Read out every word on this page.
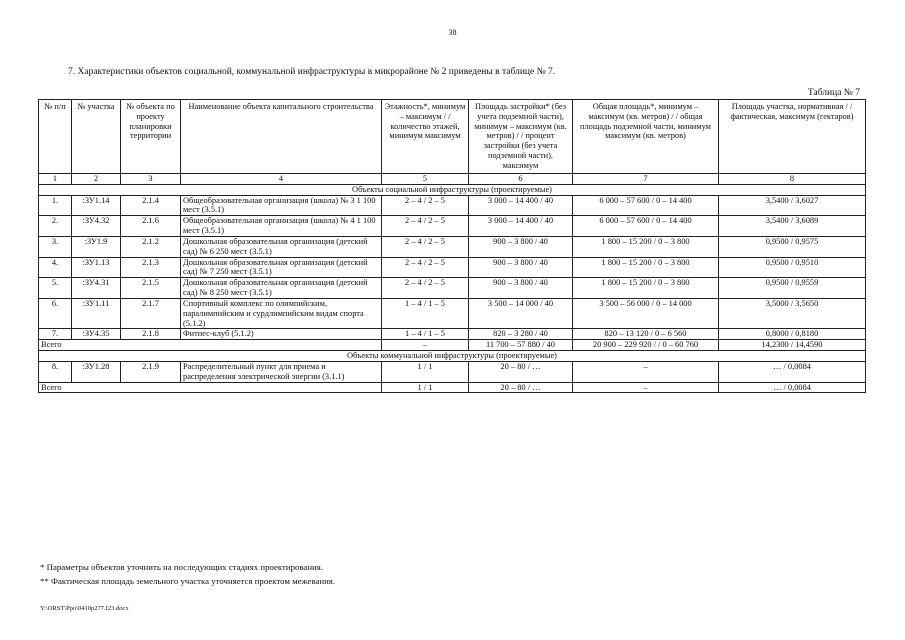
38
7. Характеристики объектов социальной, коммунальной инфраструктуры в микрорайоне № 2 приведены в таблице № 7.
Таблица № 7
№ п/п	№ участка	№ объекта по проекту планировки территории	Наименование объекта капитального строительства	Этажность*, минимум – максимум / / количество этажей, минимум максимум	Площадь застройки* (без учета подземной части), минимум – максимум (кв. метров) / / процент застройки (без учета подземной части), максимум	Общая площадь*, минимум – максимум (кв. метров) / / общая площадь подземной части, минимум максимум (кв. метров)	Площадь участка, нормативная / / фактическая, максимум (гектаров)
1	2	3	4	5	6	7	8
Объекты социальной инфраструктуры (проектируемые)							
1.	:ЗУ1.14	2.1.4	Общеобразовательная организация (школа) № 3 1 100 мест (3.5.1)	2 – 4 / 2 – 5	3 000 – 14 400 / 40	6 000 – 57 600 / 0 – 14 400	3,5400 / 3,6027
2.	:ЗУ4.32	2.1.6	Общеобразовательная организация (школа) № 4 1 100 мест (3.5.1)	2 – 4 / 2 – 5	3 000 – 14 400 / 40	6 000 – 57 600 / 0 – 14 400	3,5400 / 3,6089
3.	:ЗУ1.9	2.1.2	Дошкольная образовательная организация (детский сад) № 6 250 мест (3.5.1)	2 – 4 / 2 – 5	900 – 3 800 / 40	1 800 – 15 200 / 0 – 3 800	0,9500 / 0,9575
4.	:ЗУ1.13	2.1.3	Дошкольная образовательная организация (детский сад) № 7 250 мест (3.5.1)	2 – 4 / 2 – 5	900 – 3 800 / 40	1 800 – 15 200 / 0 – 3 800	0,9500 / 0,9510
5.	:ЗУ4.31	2.1.5	Дошкольная образовательная организация (детский сад) № 8 250 мест (3.5.1)	2 – 4 / 2 – 5	900 – 3 800 / 40	1 800 – 15 200 / 0 – 3 800	0,9500 / 0,9559
6.	:ЗУ1.11	2.1.7	Спортивный комплекс по олимпийским, паралимпийским и сурдлимпийским видам спорта (5.1.2)	1 – 4 / 1 – 5	3 500 – 14 000 / 40	3 500 – 56 000 / 0 – 14 000	3,5000 / 3,5650
7.	:ЗУ4.35	2.1.8	Фитнес-клуб (5.1.2)	1 – 4 / 1 – 5	820 – 3 280 / 40	820 – 13 120 / 0 – 6 560	0,8000 / 0,8180
Всего				–	11 700 – 57 880 / 40	20 900 – 229 920 / / 0 – 60 760	14,2300 / 14,4590
Объекты коммунальной инфраструктуры (проектируемые)							
8.	:ЗУ1.28	2.1.9	Распределительный пункт для приема и распределения электрической энергии (3.1.1)	1 / 1	20 – 80 / …	–	… / 0,0084
Всего				1 / 1	20 – 80 / …	–	… / 0,0084
* Параметры объектов уточнить на последующих стадиях проектирования.
** Фактическая площадь земельного участка уточняется проектом межевания.
Y:\ORST\Ppo\0410p277.f23.docx
